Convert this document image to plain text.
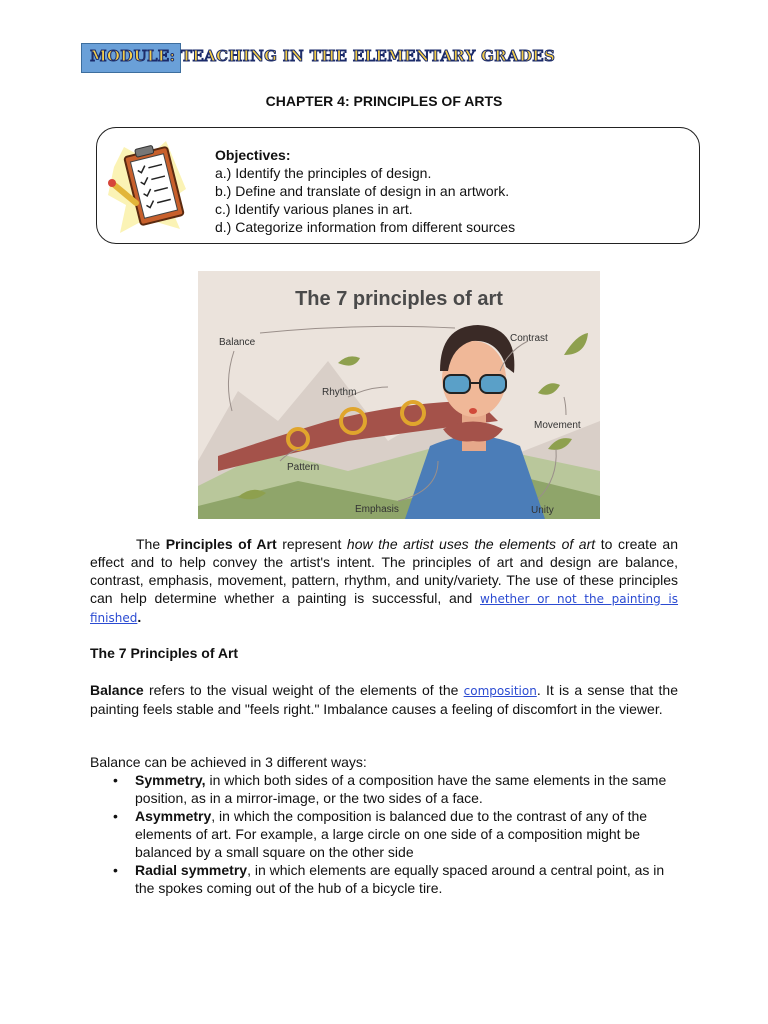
MODULE: TEACHING IN THE ELEMENTARY GRADES
CHAPTER 4: PRINCIPLES OF ARTS
Objectives:
a.) Identify the principles of design.
b.) Define and translate of design in an artwork.
c.) Identify various planes in art.
d.) Categorize information from different sources
The 7 principles of art
Balance	Contrast
Rhythm
Movement
Pattern
Emphasis	Unity
The Principles of Art represent how the artist uses the elements of art to create an effect and to help convey the artist's intent. The principles of art and design are balance, contrast, emphasis, movement, pattern, rhythm, and unity/variety. The use of these principles can help determine whether a painting is successful, and whether or not the painting is finished.
The 7 Principles of Art
Balance refers to the visual weight of the elements of the composition. It is a sense that the painting feels stable and "feels right." Imbalance causes a feeling of discomfort in the viewer.
Balance can be achieved in 3 different ways:
• Symmetry, in which both sides of a composition have the same elements in the same position, as in a mirror-image, or the two sides of a face.
• Asymmetry, in which the composition is balanced due to the contrast of any of the elements of art. For example, a large circle on one side of a composition might be balanced by a small square on the other side
• Radial symmetry, in which elements are equally spaced around a central point, as in the spokes coming out of the hub of a bicycle tire.
